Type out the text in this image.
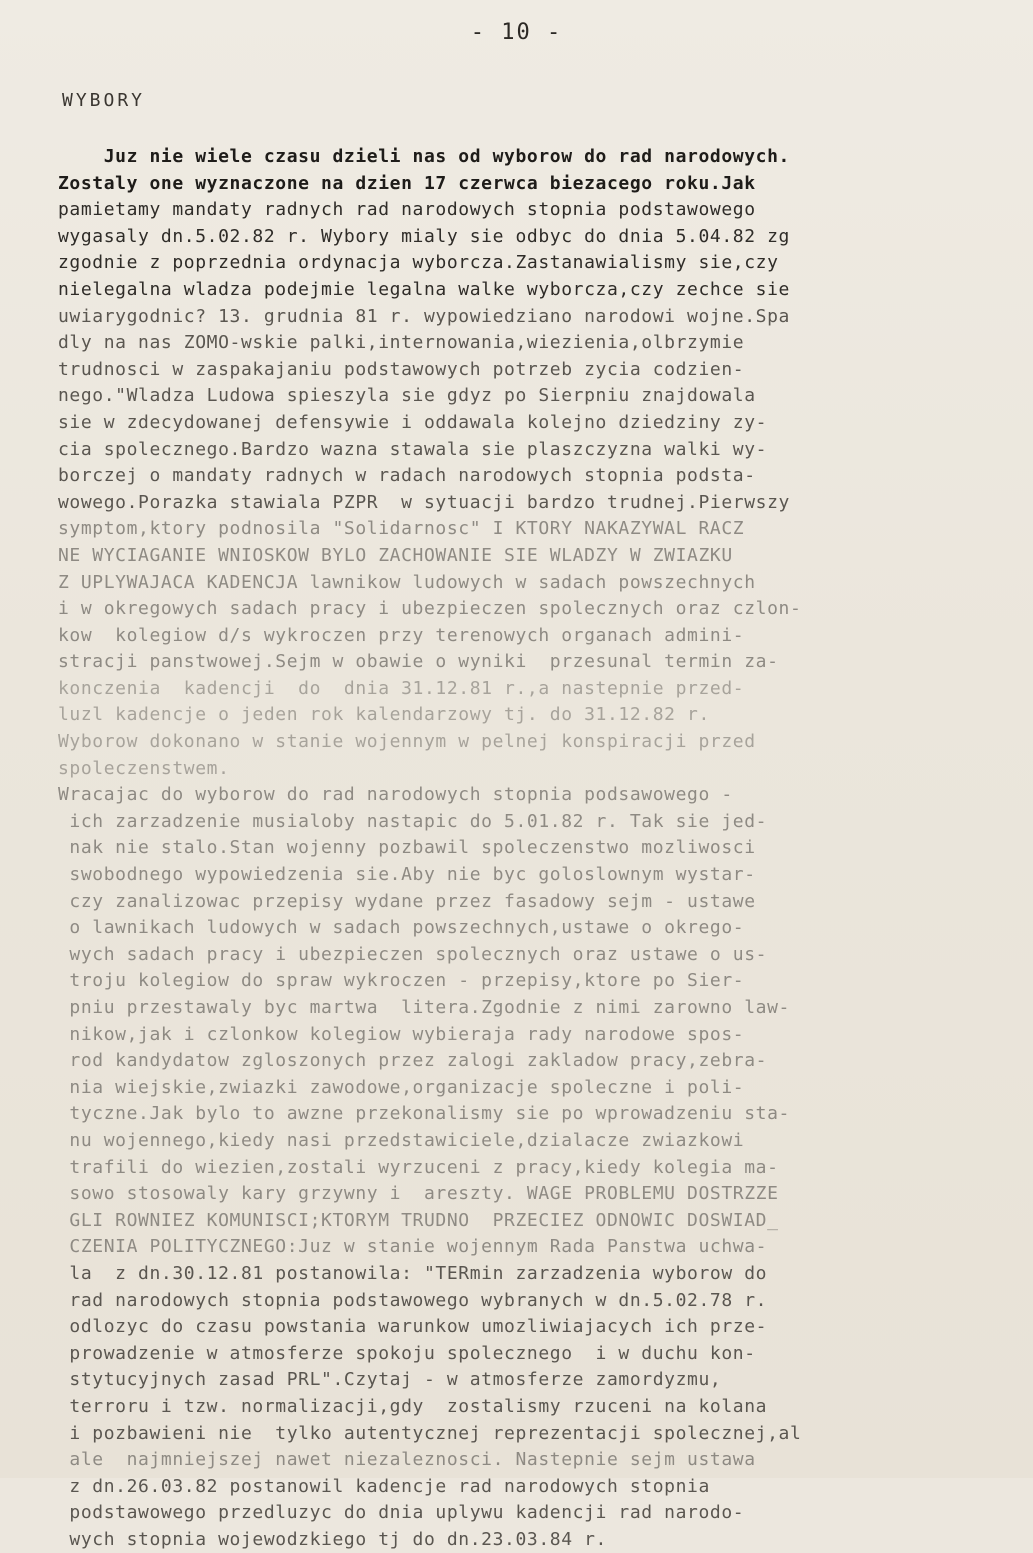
- 10 -
WYBORY
Juz nie wiele czasu dzieli nas od wyborow do rad narodowych.
Zostaly one wyznaczone na dzien 17 czerwca biezacego roku.Jak
pamietamy mandaty radnych rad narodowych stopnia podstawowego
wygasaly dn.5.02.82 r. Wybory mialy sie odbyc do dnia 5.04.82 zg
zgodnie z poprzednia ordynacja wyborcza.Zastanawialismy sie,czy
nielegalna wladza podejmie legalna walke wyborcza,czy zechce sie
uwiarygodnic? 13. grudnia 81 r. wypowiedziano narodowi wojne.Spa
dly na nas ZOMO-wskie palki,internowania,wiezienia,olbrzymie
trudnosci w zaspakajaniu podstawowych potrzeb zycia codzien-
nego."Wladza Ludowa spieszyla sie gdyz po Sierpniu znajdowala
sie w zdecydowanej defensywie i oddawala kolejno dziedziny zy-
cia spolecznego.Bardzo wazna stawala sie plaszczyzna walki wy-
borczej o mandaty radnych w radach narodowych stopnia podsta-
wowego.Porazka stawiala PZPR  w sytuacji bardzo trudnej.Pierwszy
symptom,ktory podnosila "Solidarnosc" I KTORY NAKAZYWAL RACZ
NE WYCIAGANIE WNIOSKOW BYLO ZACHOWANIE SIE WLADZY W ZWIAZKU
Z UPLYWAJACA KADENCJA lawnikow ludowych w sadach powszechnych
i w okregowych sadach pracy i ubezpieczen spolecznych oraz czlon-
kow  kolegiow d/s wykroczen przy terenowych organach admini-
stracji panstwowej.Sejm w obawie o wyniki  przesunal termin za-
konczenia  kadencji  do  dnia 31.12.81 r.,a nastepnie przed-
luzl kadencje o jeden rok kalendarzowy tj. do 31.12.82 r.
Wyborow dokonano w stanie wojennym w pelnej konspiracji przed
spoleczenstwem.
Wracajac do wyborow do rad narodowych stopnia podsawowego -
ich zarzadzenie musialoby nastapic do 5.01.82 r. Tak sie jed-
nak nie stalo.Stan wojenny pozbawil spoleczenstwo mozliwosci
swobodnego wypowiedzenia sie.Aby nie byc goloslownym wystar-
czy zanalizowac przepisy wydane przez fasadowy sejm - ustawe
o lawnikach ludowych w sadach powszechnych,ustawe o okrego-
wych sadach pracy i ubezpieczen spolecznych oraz ustawe o us-
troju kolegiow do spraw wykroczen - przepisy,ktore po Sier-
pniu przestawaly byc martwa  litera.Zgodnie z nimi zarowno law-
nikow,jak i czlonkow kolegiow wybieraja rady narodowe spos-
rod kandydatow zgloszonych przez zalogi zakladow pracy,zebra-
nia wiejskie,zwiazki zawodowe,organizacje spoleczne i poli-
tyczne.Jak bylo to awzne przekonalismy sie po wprowadzeniu sta-
nu wojennego,kiedy nasi przedstawiciele,dzialacze zwiazkowi
trafili do wiezien,zostali wyrzuceni z pracy,kiedy kolegia ma-
sowo stosowaly kary grzywny i  areszty. WAGE PROBLEMU DOSTRZZE
GLI ROWNIEZ KOMUNISCI;KTORYM TRUDNO  PRZECIEZ ODNOWIC DOSWIAD_
CZENIA POLITYCZNEGO:Juz w stanie wojennym Rada Panstwa uchwa-
la  z dn.30.12.81 postanowila: "TERmin zarzadzenia wyborow do
rad narodowych stopnia podstawowego wybranych w dn.5.02.78 r.
odlozyc do czasu powstania warunkow umozliwiajacych ich prze-
prowadzenie w atmosferze spokoju spolecznego  i w duchu kon-
stytucyjnych zasad PRL".Czytaj - w atmosferze zamordyzmu,
terroru i tzw. normalizacji,gdy  zostalismy rzuceni na kolana
i pozbawieni nie  tylko autentycznej reprezentacji spolecznej,al
ale  najmniejszej nawet niezaleznosci. Nastepnie sejm ustawa
z dn.26.03.82 postanowil kadencje rad narodowych stopnia
podstawowego przedluzyc do dnia uplywu kadencji rad narodo-
wych stopnia wojewodzkiego tj do dn.23.03.84 r.
